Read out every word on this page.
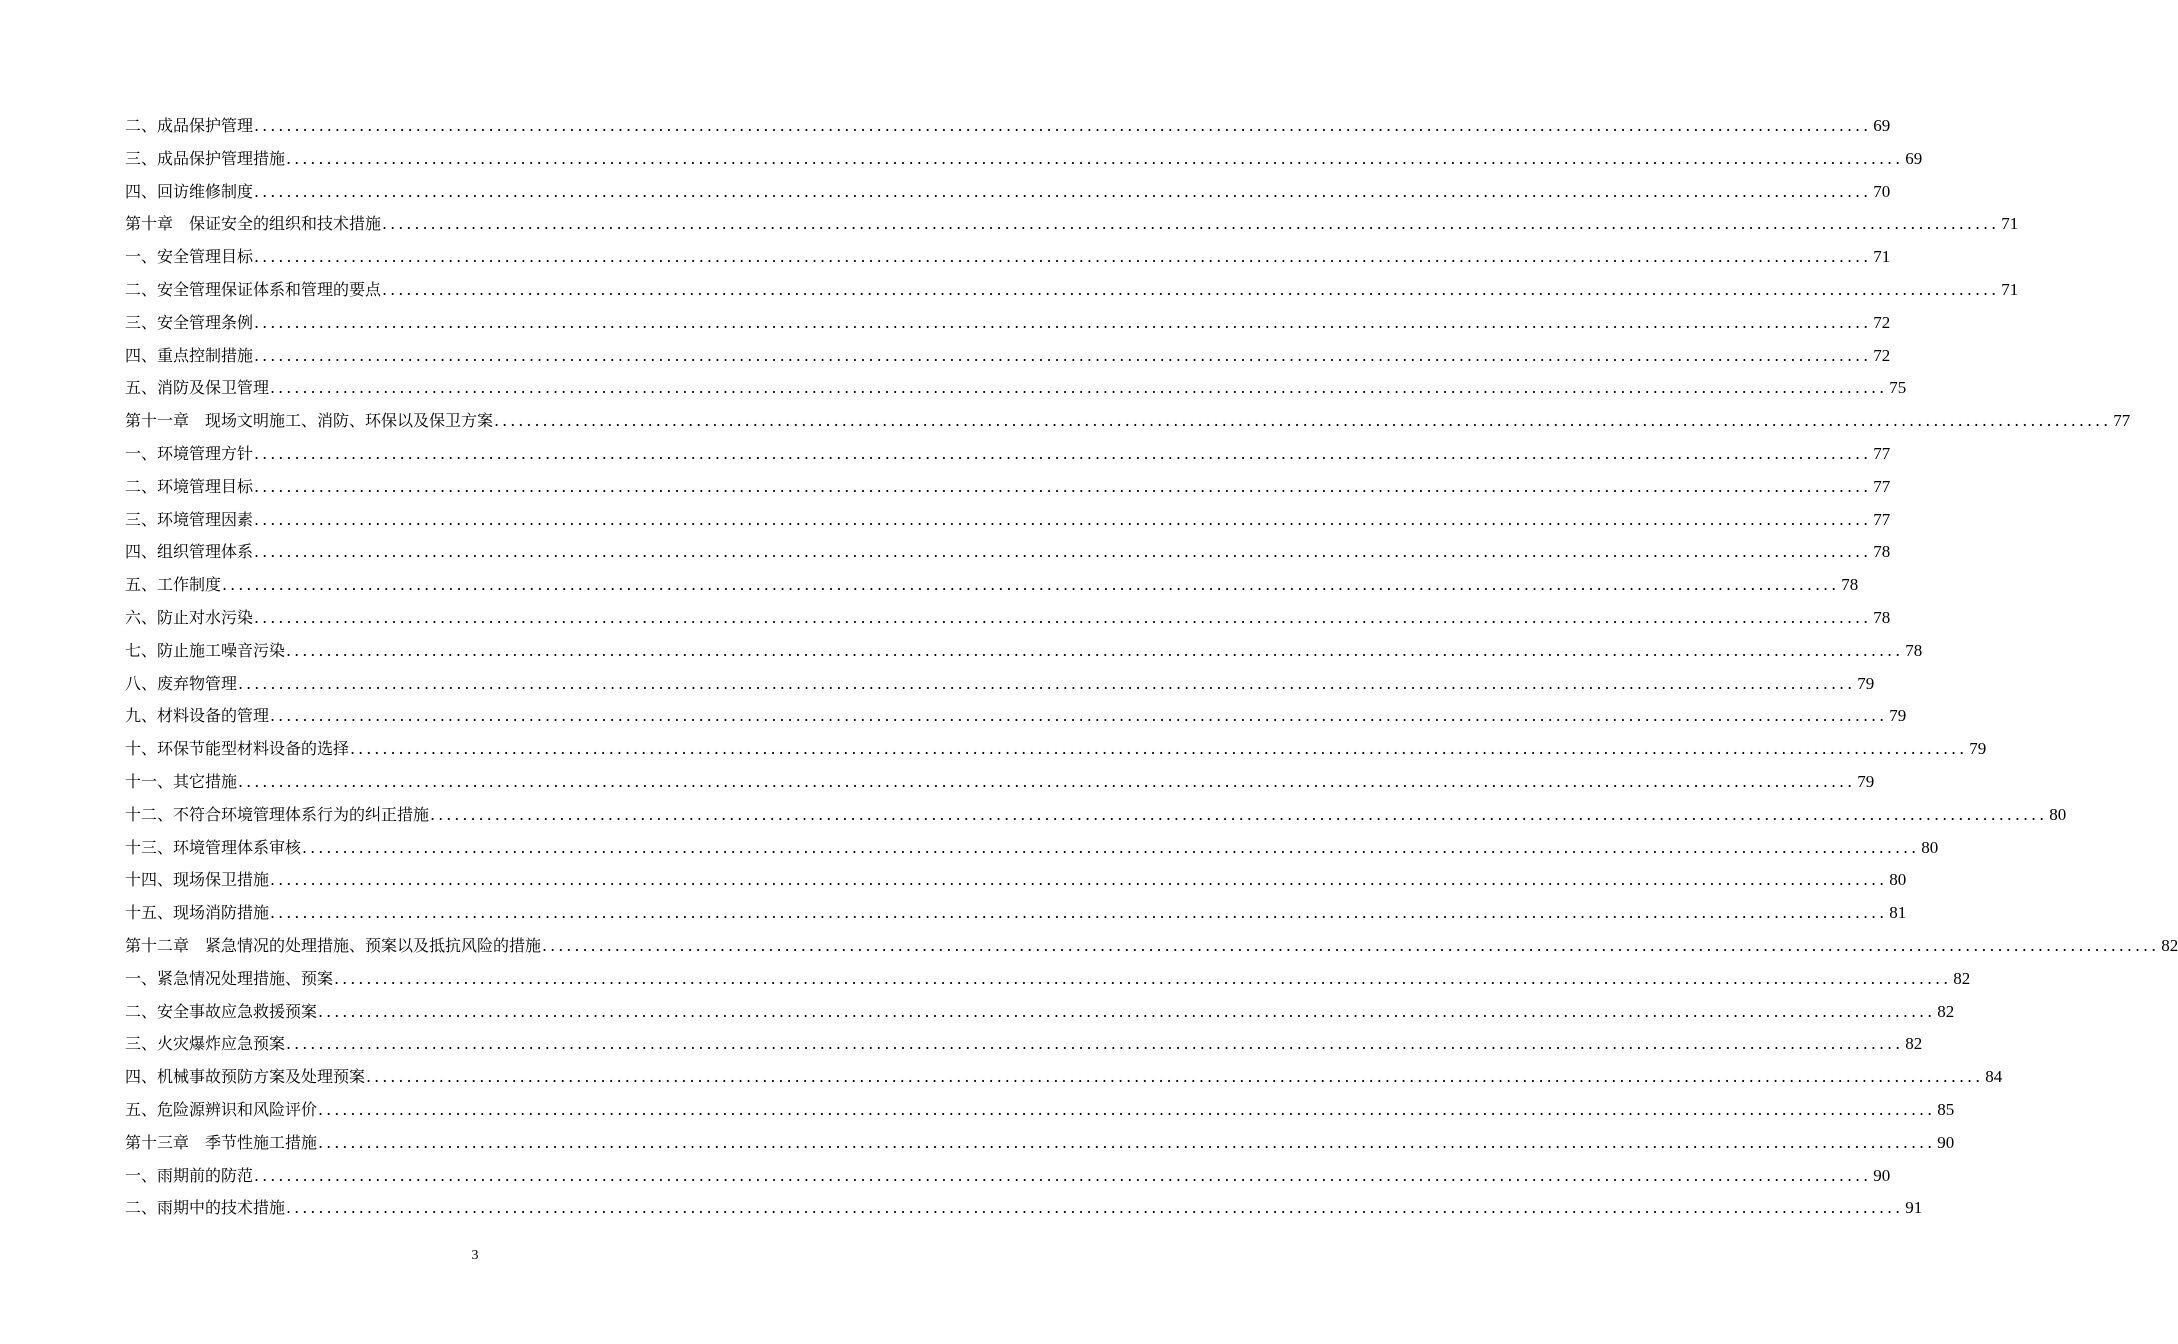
二、成品保护管理 ........................................................................................................................................................................................................ 69
三、成品保护管理措施 ........................................................................................................................................................................................................ 69
四、回访维修制度 ........................................................................................................................................................................................................ 70
第十章　保证安全的组织和技术措施 ........................................................................................................................................................................................................ 71
一、安全管理目标 ........................................................................................................................................................................................................ 71
二、安全管理保证体系和管理的要点 ........................................................................................................................................................................................................ 71
三、安全管理条例 ........................................................................................................................................................................................................ 72
四、重点控制措施 ........................................................................................................................................................................................................ 72
五、消防及保卫管理 ........................................................................................................................................................................................................ 75
第十一章　现场文明施工、消防、环保以及保卫方案 ........................................................................................................................................................................................................ 77
一、环境管理方针 ........................................................................................................................................................................................................ 77
二、环境管理目标 ........................................................................................................................................................................................................ 77
三、环境管理因素 ........................................................................................................................................................................................................ 77
四、组织管理体系 ........................................................................................................................................................................................................ 78
五、工作制度 ........................................................................................................................................................................................................ 78
六、防止对水污染 ........................................................................................................................................................................................................ 78
七、防止施工噪音污染 ........................................................................................................................................................................................................ 78
八、废弃物管理 ........................................................................................................................................................................................................ 79
九、材料设备的管理 ........................................................................................................................................................................................................ 79
十、环保节能型材料设备的选择 ........................................................................................................................................................................................................ 79
十一、其它措施 ........................................................................................................................................................................................................ 79
十二、不符合环境管理体系行为的纠正措施 ........................................................................................................................................................................................................ 80
十三、环境管理体系审核 ........................................................................................................................................................................................................ 80
十四、现场保卫措施 ........................................................................................................................................................................................................ 80
十五、现场消防措施 ........................................................................................................................................................................................................ 81
第十二章　紧急情况的处理措施、预案以及抵抗风险的措施 ........................................................................................................................................................................................................ 82
一、紧急情况处理措施、预案 ........................................................................................................................................................................................................ 82
二、安全事故应急救援预案 ........................................................................................................................................................................................................ 82
三、火灾爆炸应急预案 ........................................................................................................................................................................................................ 82
四、机械事故预防方案及处理预案 ........................................................................................................................................................................................................ 84
五、危险源辨识和风险评价 ........................................................................................................................................................................................................ 85
第十三章　季节性施工措施 ........................................................................................................................................................................................................ 90
一、雨期前的防范 ........................................................................................................................................................................................................ 90
二、雨期中的技术措施 ........................................................................................................................................................................................................ 91
3
